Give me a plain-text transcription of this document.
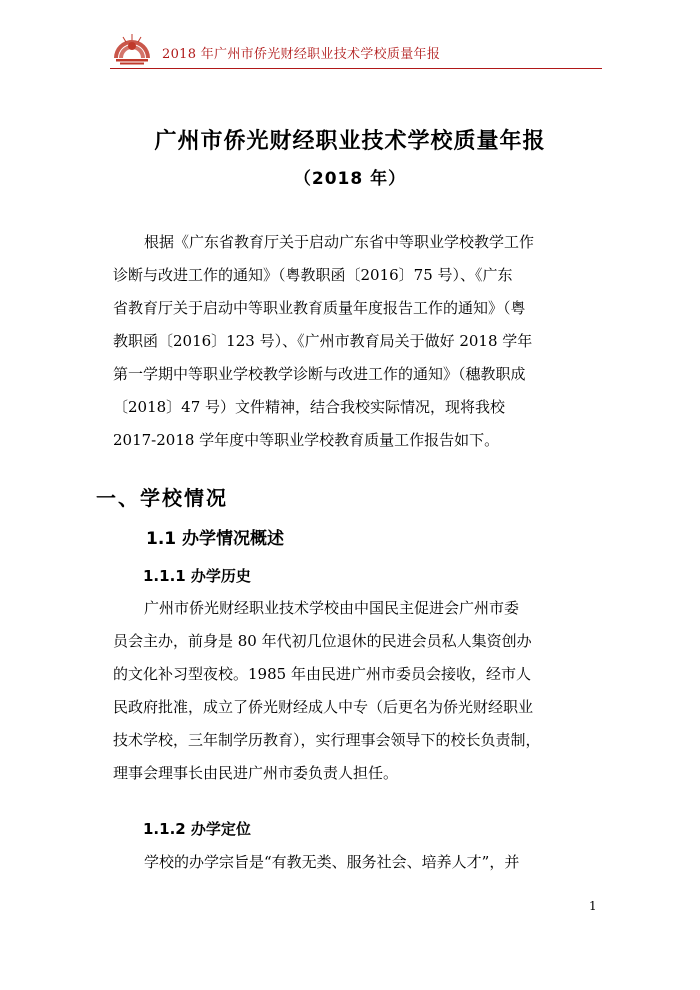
2018 年广州市侨光财经职业技术学校质量年报
广州市侨光财经职业技术学校质量年报
（2018 年）
根据《广东省教育厅关于启动广东省中等职业学校教学工作
诊断与改进工作的通知》（粤教职函〔2016〕75 号）、《广东
省教育厅关于启动中等职业教育质量年度报告工作的通知》（粤
教职函〔2016〕123 号）、《广州市教育局关于做好 2018 学年
第一学期中等职业学校教学诊断与改进工作的通知》（穗教职成
〔2018〕47 号）文件精神，结合我校实际情况，现将我校
2017-2018 学年度中等职业学校教育质量工作报告如下。
一、学校情况
1.1 办学情况概述
1.1.1 办学历史
广州市侨光财经职业技术学校由中国民主促进会广州市委
员会主办，前身是 80 年代初几位退休的民进会员私人集资创办
的文化补习型夜校。1985 年由民进广州市委员会接收，经市人
民政府批准，成立了侨光财经成人中专（后更名为侨光财经职业
技术学校，三年制学历教育），实行理事会领导下的校长负责制，
理事会理事长由民进广州市委负责人担任。
1.1.2 办学定位
学校的办学宗旨是“有教无类、服务社会、培养人才”，并
1
